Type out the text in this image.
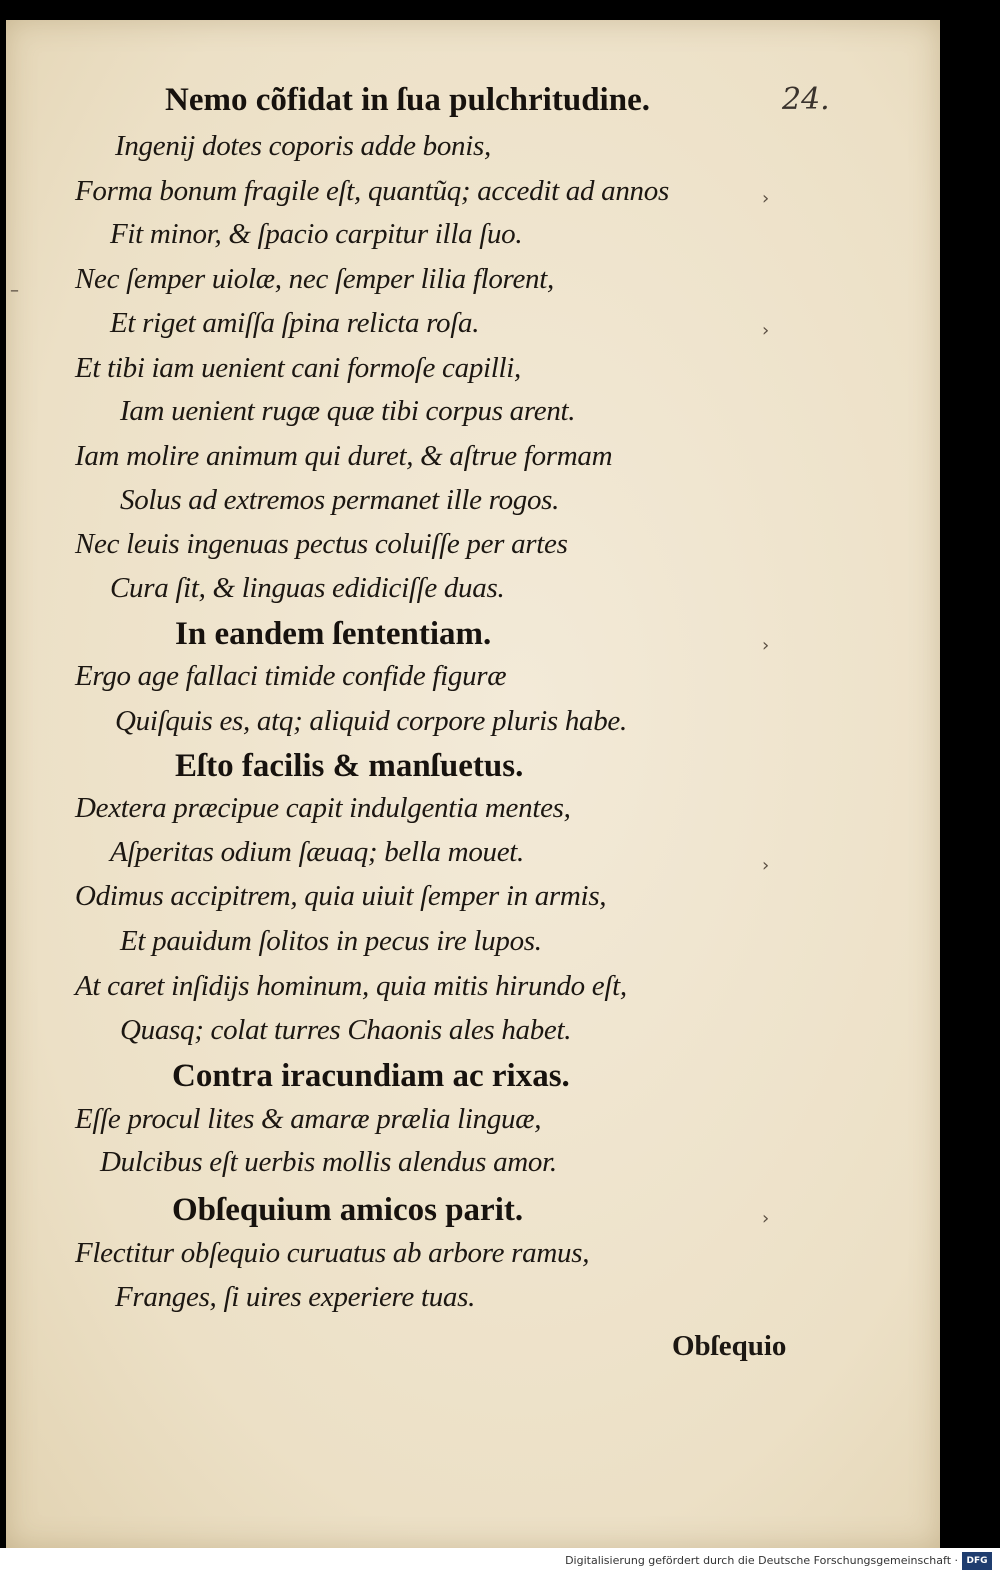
24.
Nemo cõfidat in ſua pulchritudine.
Ingenij dotes coporis adde bonis,
Forma bonum fragile eſt, quantũq; accedit ad annos
Fit minor, & ſpacio carpitur illa ſuo.
Nec ſemper uiolæ, nec ſemper lilia florent,
Et riget amiſſa ſpina relicta roſa.
Et tibi iam uenient cani formoſe capilli,
Iam uenient rugæ quæ tibi corpus arent.
Iam molire animum qui duret, & aſtrue formam
Solus ad extremos permanet ille rogos.
Nec leuis ingenuas pectus coluiſſe per artes
Cura ſit, & linguas edidiciſſe duas.
In eandem ſententiam.
Ergo age fallaci timide confide figuræ
Quiſquis es, atq; aliquid corpore pluris habe.
Eſto facilis & manſuetus.
Dextera præcipue capit indulgentia mentes,
Aſperitas odium ſæuaq; bella mouet.
Odimus accipitrem, quia uiuit ſemper in armis,
Et pauidum ſolitos in pecus ire lupos.
At caret inſidijs hominum, quia mitis hirundo eſt,
Quasq; colat turres Chaonis ales habet.
Contra iracundiam ac rixas.
Eſſe procul lites & amaræ prælia linguæ,
Dulcibus eſt uerbis mollis alendus amor.
Obſequium amicos parit.
Flectitur obſequio curuatus ab arbore ramus,
Franges, ſi uires experiere tuas.
Obſequio
›
›
›
›
›
–
Digitalisierung gefördert durch die Deutsche Forschungsgemeinschaft · DFG
